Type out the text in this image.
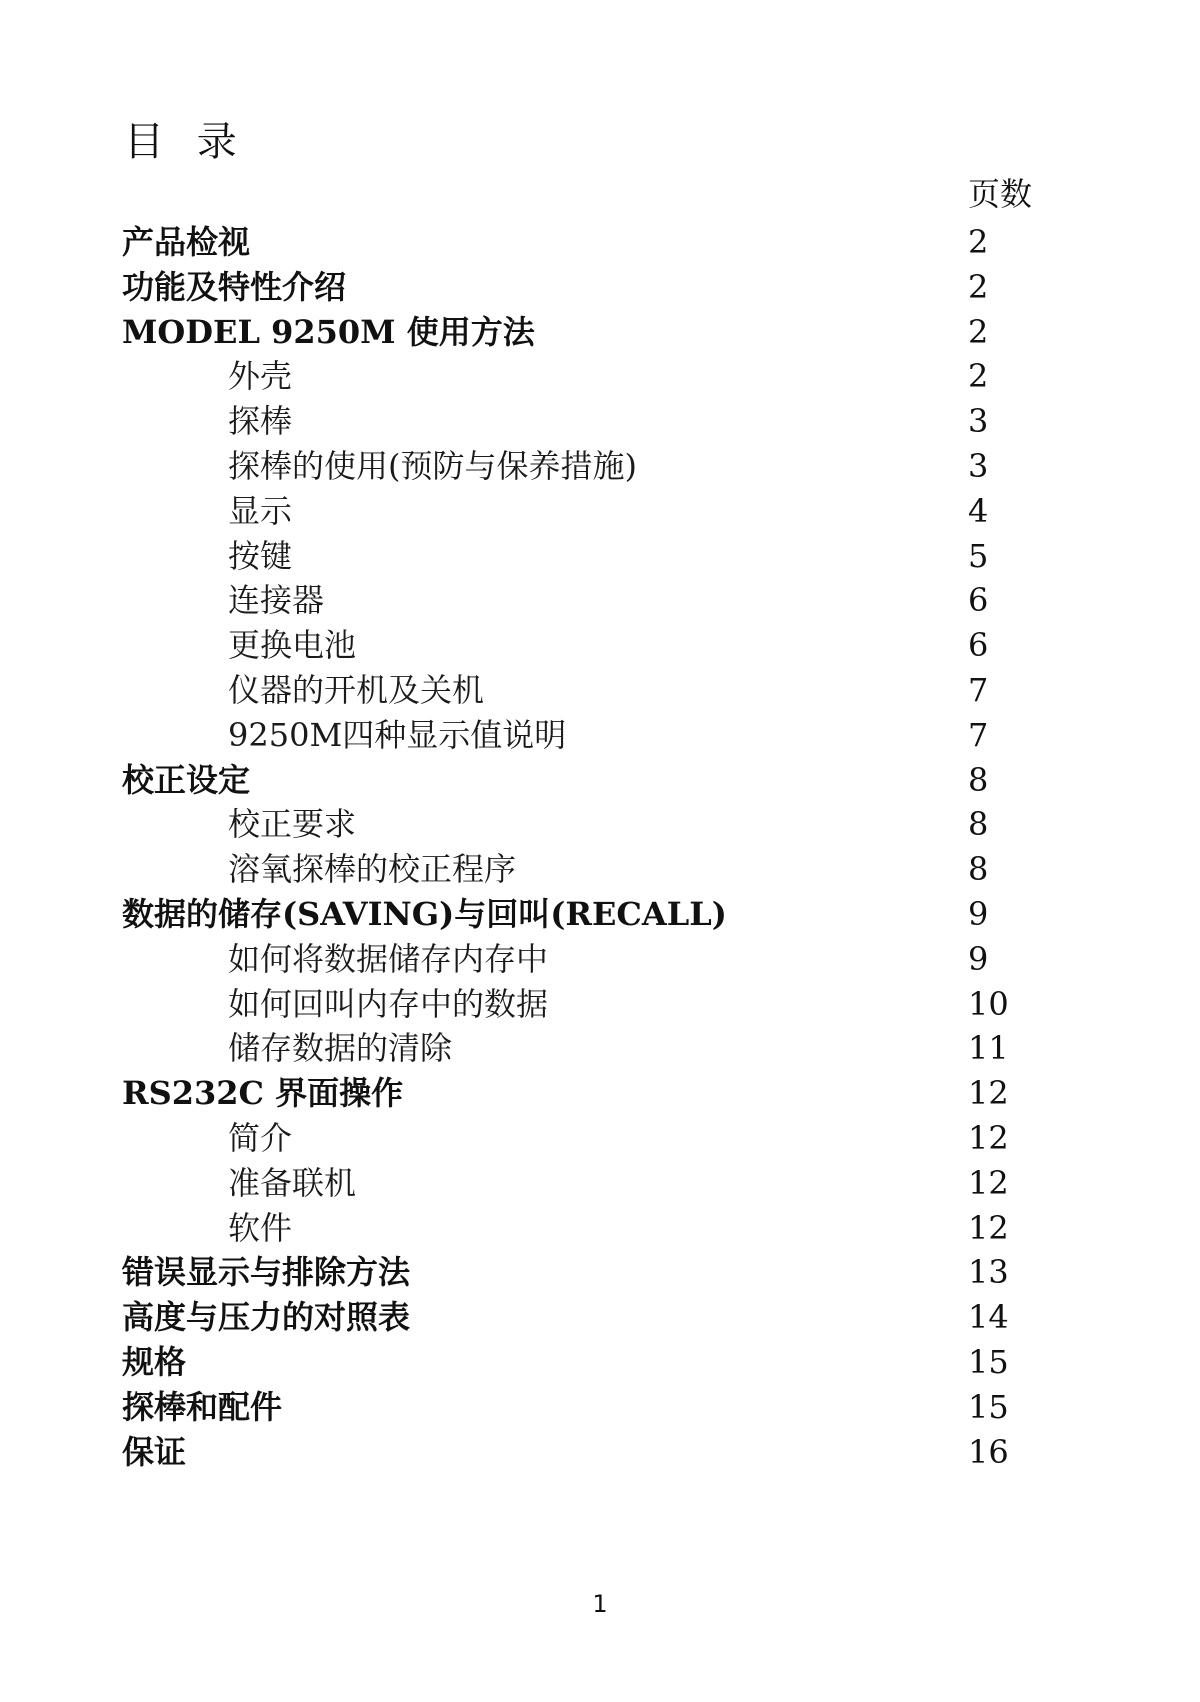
目 录
页数
产品检视	2
功能及特性介绍	2
MODEL 9250M 使用方法	2
外壳	2
探棒	3
探棒的使用(预防与保养措施)	3
显示	4
按键	5
连接器	6
更换电池	6
仪器的开机及关机	7
9250M四种显示值说明	7
校正设定	8
校正要求	8
溶氧探棒的校正程序	8
数据的储存(SAVING)与回叫(RECALL)	9
如何将数据储存内存中	9
如何回叫内存中的数据	10
储存数据的清除	11
RS232C 界面操作	12
简介	12
准备联机	12
软件	12
错误显示与排除方法	13
高度与压力的对照表	14
规格	15
探棒和配件	15
保证	16
1
